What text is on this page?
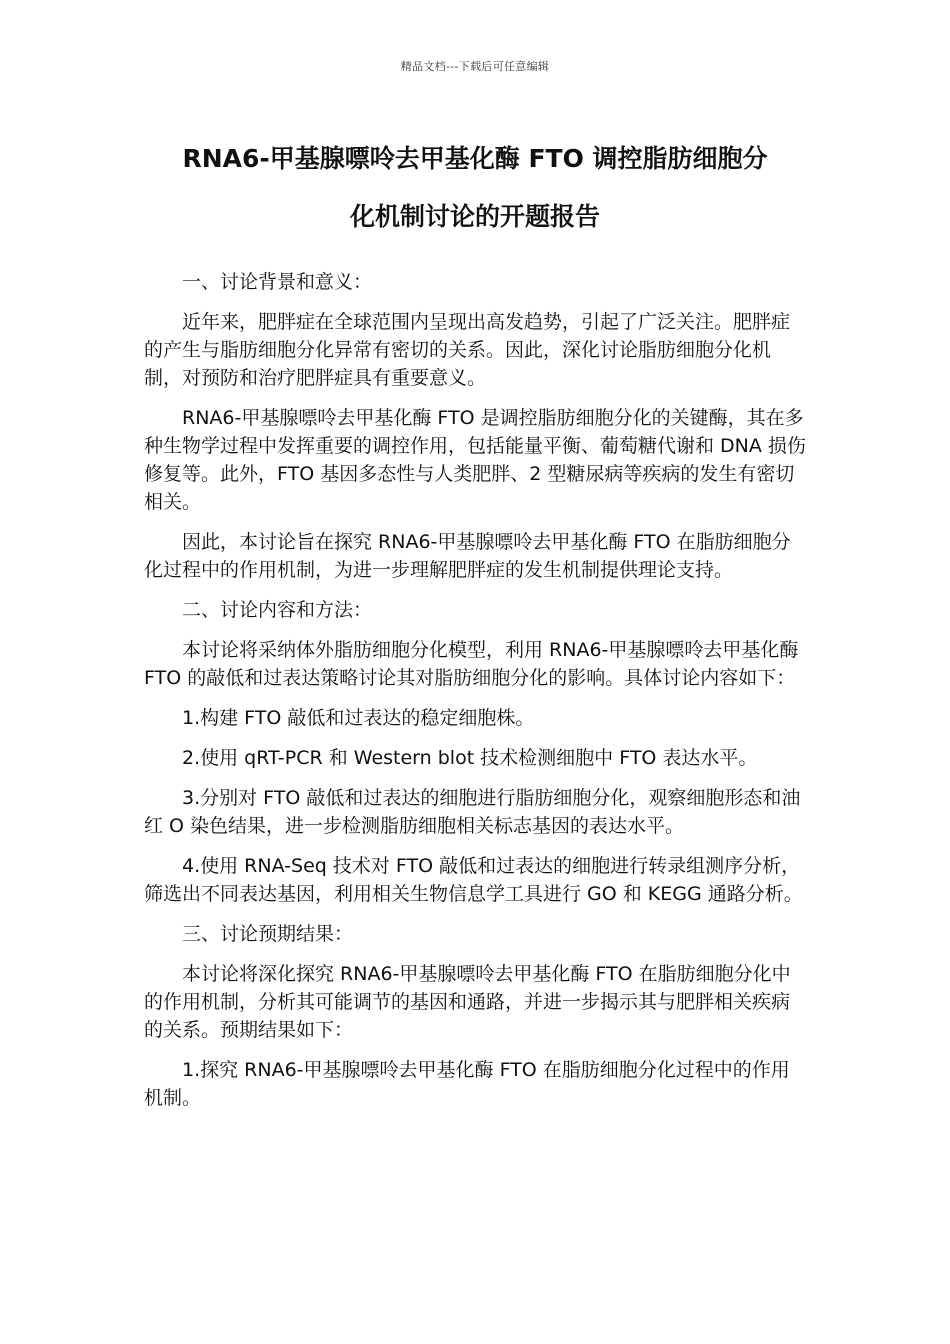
精品文档---下载后可任意编辑
RNA6-甲基腺嘌呤去甲基化酶 FTO 调控脂肪细胞分
化机制讨论的开题报告

一、讨论背景和意义：

近年来，肥胖症在全球范围内呈现出高发趋势，引起了广泛关注。肥胖症的产生与脂肪细胞分化异常有密切的关系。因此，深化讨论脂肪细胞分化机制，对预防和治疗肥胖症具有重要意义。

RNA6-甲基腺嘌呤去甲基化酶 FTO 是调控脂肪细胞分化的关键酶，其在多种生物学过程中发挥重要的调控作用，包括能量平衡、葡萄糖代谢和 DNA 损伤修复等。此外，FTO 基因多态性与人类肥胖、2 型糖尿病等疾病的发生有密切相关。

因此，本讨论旨在探究 RNA6-甲基腺嘌呤去甲基化酶 FTO 在脂肪细胞分化过程中的作用机制，为进一步理解肥胖症的发生机制提供理论支持。

二、讨论内容和方法：

本讨论将采纳体外脂肪细胞分化模型，利用 RNA6-甲基腺嘌呤去甲基化酶 FTO 的敲低和过表达策略讨论其对脂肪细胞分化的影响。具体讨论内容如下：

1.构建 FTO 敲低和过表达的稳定细胞株。

2.使用 qRT-PCR 和 Western blot 技术检测细胞中 FTO 表达水平。

3.分别对 FTO 敲低和过表达的细胞进行脂肪细胞分化，观察细胞形态和油红 O 染色结果，进一步检测脂肪细胞相关标志基因的表达水平。

4.使用 RNA-Seq 技术对 FTO 敲低和过表达的细胞进行转录组测序分析，筛选出不同表达基因，利用相关生物信息学工具进行 GO 和 KEGG 通路分析。

三、讨论预期结果：

本讨论将深化探究 RNA6-甲基腺嘌呤去甲基化酶 FTO 在脂肪细胞分化中的作用机制，分析其可能调节的基因和通路，并进一步揭示其与肥胖相关疾病的关系。预期结果如下：

1.探究 RNA6-甲基腺嘌呤去甲基化酶 FTO 在脂肪细胞分化过程中的作用机制。
